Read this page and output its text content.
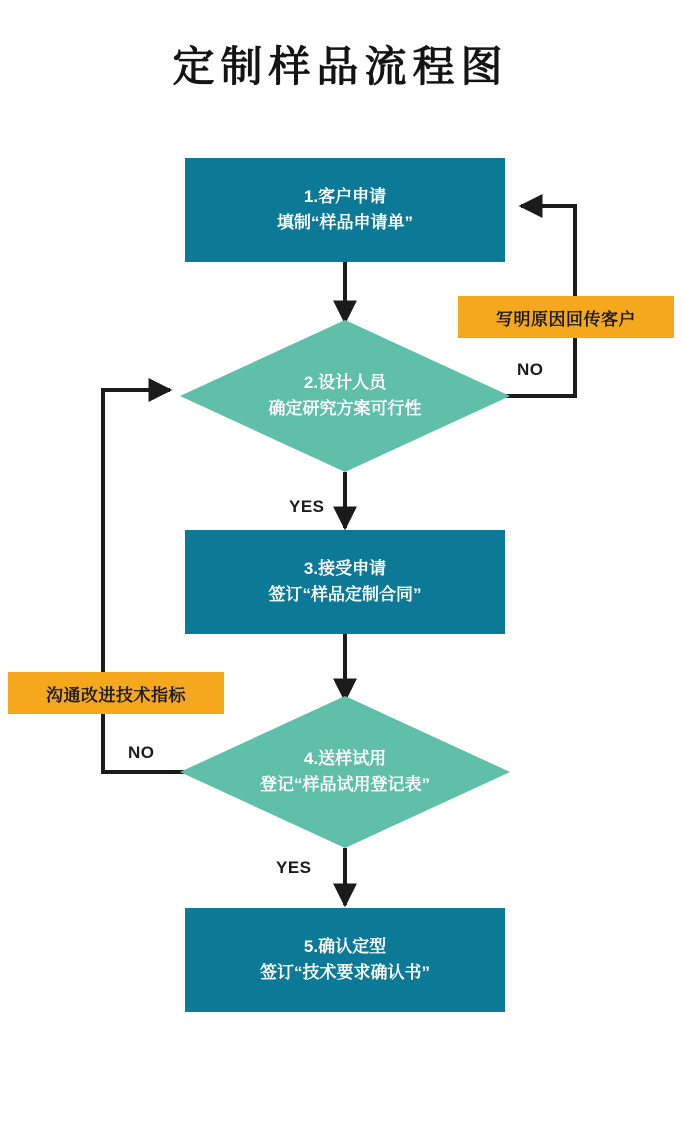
定制样品流程图
1.客户申请
填制“样品申请单”
2.设计人员
确定研究方案可行性
3.接受申请
签订“样品定制合同”
4.送样试用
登记“样品试用登记表”
5.确认定型
签订“技术要求确认书”
写明原因回传客户
沟通改进技术指标
NO
YES
NO
YES
